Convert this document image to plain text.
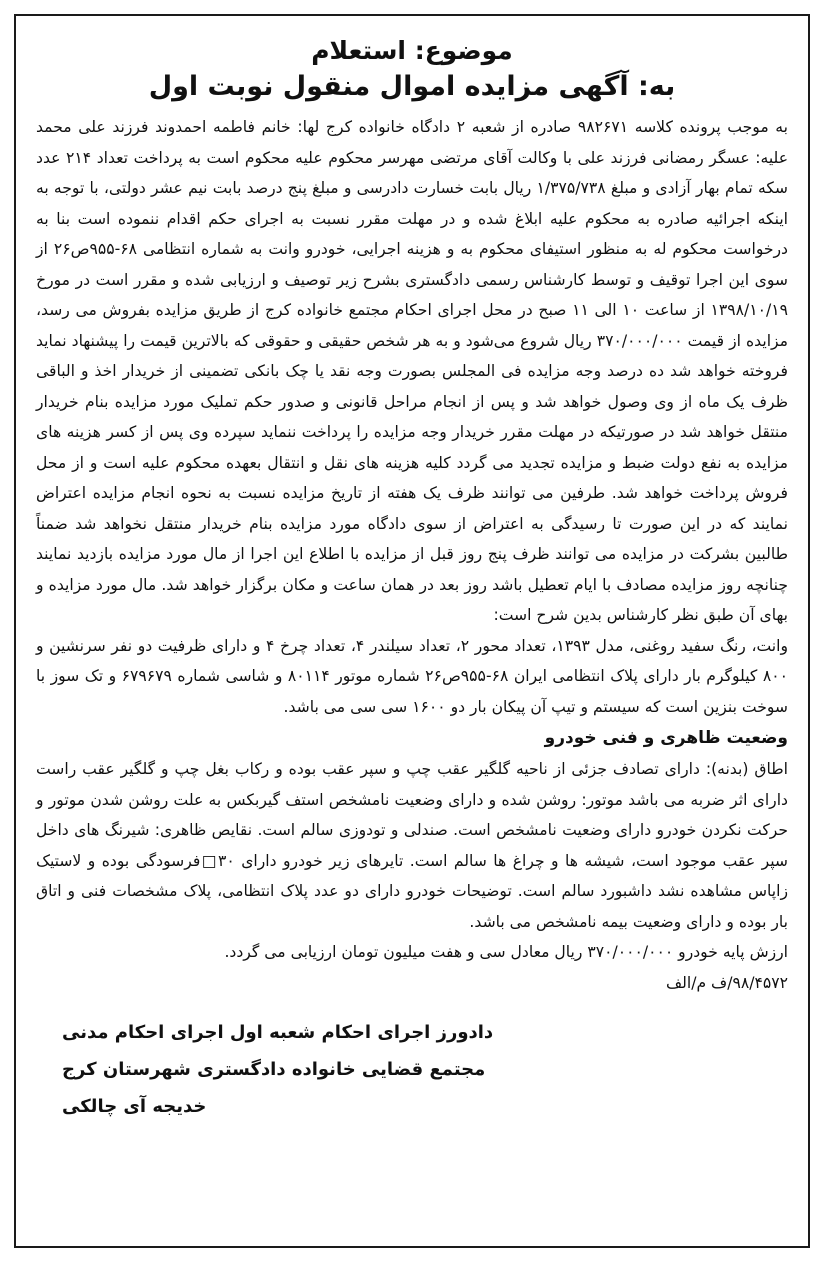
موضوع: استعلام

به: آگهی مزایده اموال منقول نوبت اول

به موجب پرونده کلاسه ۹۸۲۶۷۱ صادره از شعبه ۲ دادگاه خانواده کرج لها: خانم فاطمه احمدوند فرزند علی محمد علیه: عسگر رمضانی فرزند علی با وکالت آقای مرتضی مهرسر محکوم علیه محکوم است به پرداخت تعداد ۲۱۴ عدد سکه تمام بهار آزادی و مبلغ ۱/۳۷۵/۷۳۸ ریال بابت خسارت دادرسی و مبلغ پنج درصد بابت نیم عشر دولتی، با توجه به اینکه اجرائیه صادره به محکوم علیه ابلاغ شده و در مهلت مقرر نسبت به اجرای حکم اقدام ننموده است بنا به درخواست محکوم له به منظور استیفای محکوم به و هزینه اجرایی، خودرو وانت به شماره انتظامی ۶۸-۹۵۵ص۲۶ از سوی این اجرا توقیف و توسط کارشناس رسمی دادگستری بشرح زیر توصیف و ارزیابی شده و مقرر است در مورخ ۱۳۹۸/۱۰/۱۹ از ساعت ۱۰ الی ۱۱ صبح در محل اجرای احکام مجتمع خانواده کرج از طریق مزایده بفروش می رسد، مزایده از قیمت ۳۷۰/۰۰۰/۰۰۰ ریال شروع می‌شود و به هر شخص حقیقی و حقوقی که بالاترین قیمت را پیشنهاد نماید فروخته خواهد شد ده درصد وجه مزایده فی المجلس بصورت وجه نقد یا چک بانکی تضمینی از خریدار اخذ و الباقی ظرف یک ماه از وی وصول خواهد شد و پس از انجام مراحل قانونی و صدور حکم تملیک مورد مزایده بنام خریدار منتقل خواهد شد در صورتیکه در مهلت مقرر خریدار وجه مزایده را پرداخت ننماید سپرده وی پس از کسر هزینه های مزایده به نفع دولت ضبط و مزایده تجدید می گردد کلیه هزینه های نقل و انتقال بعهده محکوم علیه است و از محل فروش پرداخت خواهد شد. طرفین می توانند ظرف یک هفته از تاریخ مزایده نسبت به نحوه انجام مزایده اعتراض نمایند که در این صورت تا رسیدگی به اعتراض از سوی دادگاه مورد مزایده بنام خریدار منتقل نخواهد شد ضمناً طالبین بشرکت در مزایده می توانند ظرف پنج روز قبل از مزایده با اطلاع این اجرا از مال مورد مزایده بازدید نمایند چنانچه روز مزایده مصادف با ایام تعطیل باشد روز بعد در همان ساعت و مکان برگزار خواهد شد. مال مورد مزایده و بهای آن طبق نظر کارشناس بدین شرح است:

وانت، رنگ سفید روغنی، مدل ۱۳۹۳، تعداد محور ۲، تعداد سیلندر ۴، تعداد چرخ ۴ و دارای ظرفیت دو نفر سرنشین و ۸۰۰ کیلوگرم بار دارای پلاک انتظامی ایران ۶۸-۹۵۵ص۲۶ شماره موتور ۸۰۱۱۴ و شاسی شماره ۶۷۹۶۷۹ و تک سوز با سوخت بنزین است که سیستم و تیپ آن پیکان بار دو ۱۶۰۰ سی سی می باشد.

وضعیت ظاهری و فنی خودرو

اطاق (بدنه): دارای تصادف جزئی از ناحیه گلگیر عقب چپ و سپر عقب بوده و رکاب بغل چپ و گلگیر عقب راست دارای اثر ضربه می باشد موتور: روشن شده و دارای وضعیت نامشخص استف گیربکس به علت روشن شدن موتور و حرکت نکردن خودرو دارای وضعیت نامشخص است. صندلی و تودوزی سالم است. نقایص ظاهری: شیرنگ های داخل سپر عقب موجود است، شیشه ها و چراغ ها سالم است. تایرهای زیر خودرو دارای ۳۰□فرسودگی بوده و لاستیک زاپاس مشاهده نشد داشبورد سالم است. توضیحات خودرو دارای دو عدد پلاک انتظامی، پلاک مشخصات فنی و اتاق بار بوده و دارای وضعیت بیمه نامشخص می باشد.

ارزش پایه خودرو ۳۷۰/۰۰۰/۰۰۰ ریال معادل سی و هفت میلیون تومان ارزیابی می گردد.

۹۸/۴۵۷۲/ف م/الف

دادورز اجرای احکام شعبه اول اجرای احکام مدنی
مجتمع قضایی خانواده دادگستری شهرستان کرج
خدیجه آی چالکی
